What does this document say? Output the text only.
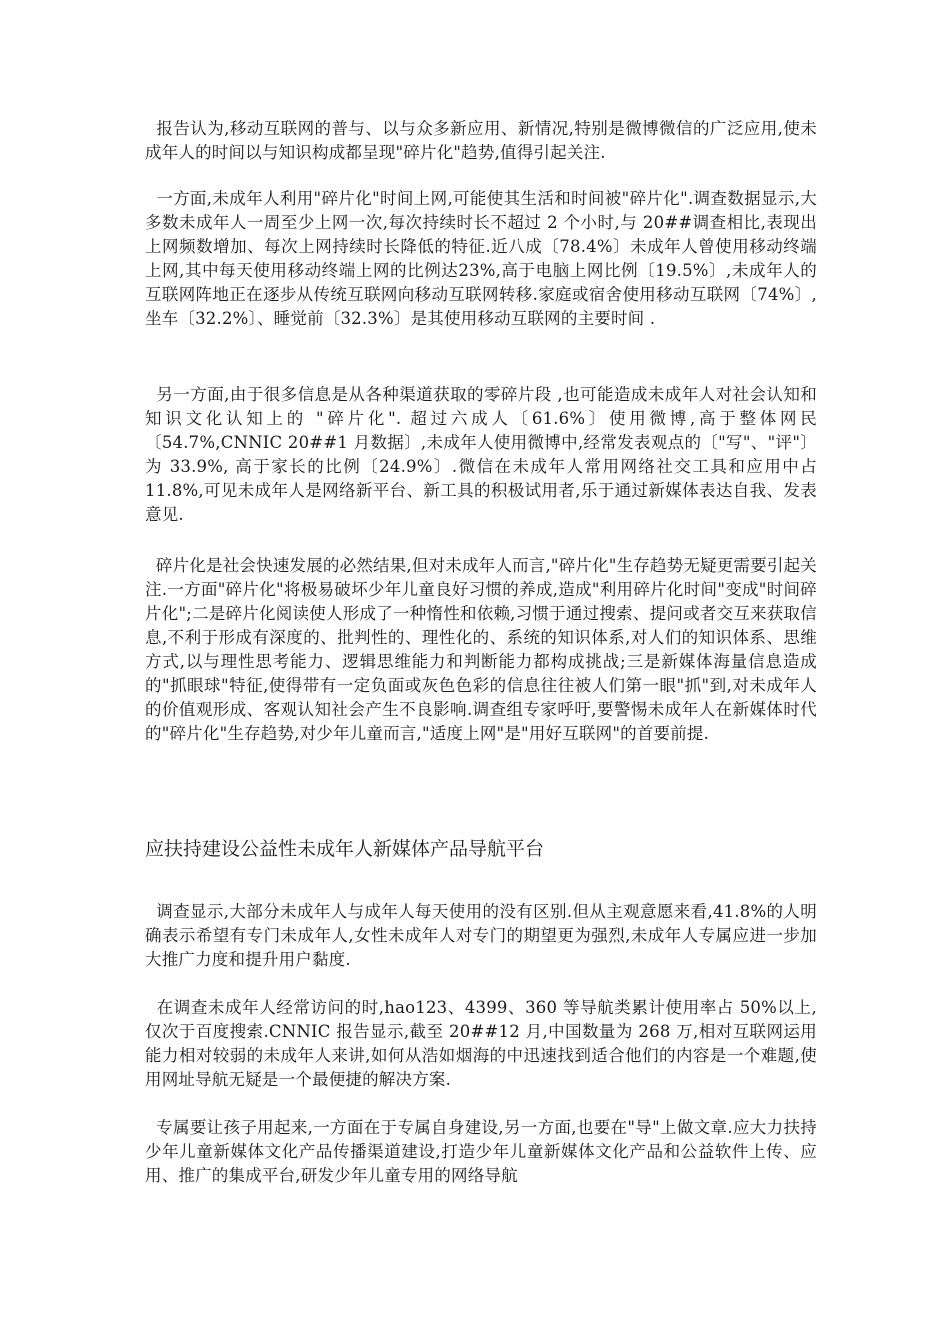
报告认为,移动互联网的普与、以与众多新应用、新情况,特别是微博微信的广泛应用,使未成年人的时间以与知识构成都呈现"碎片化"趋势,值得引起关注.

一方面,未成年人利用"碎片化"时间上网,可能使其生活和时间被"碎片化".调查数据显示,大多数未成年人一周至少上网一次,每次持续时长不超过 2 个小时,与 20##调查相比,表现出上网频数增加、每次上网持续时长降低的特征.近八成〔78.4%〕未成年人曾使用移动终端上网,其中每天使用移动终端上网的比例达23%,高于电脑上网比例〔19.5%〕,未成年人的互联网阵地正在逐步从传统互联网向移动互联网转移.家庭或宿舍使用移动互联网〔74%〕,坐车〔32.2%〕、睡觉前〔32.3%〕是其使用移动互联网的主要时间 .

另一方面,由于很多信息是从各种渠道获取的零碎片段 ,也可能造成未成年人对社会认知和知识文化认知上的 "碎片化". 超过六成人〔61.6%〕使用微博,高于整体网民〔54.7%,CNNIC 20##1 月数据〕,未成年人使用微博中,经常发表观点的〔"写"、"评"〕为 33.9%, 高于家长的比例〔24.9%〕.微信在未成年人常用网络社交工具和应用中占 11.8%,可见未成年人是网络新平台、新工具的积极试用者,乐于通过新媒体表达自我、发表意见.

碎片化是社会快速发展的必然结果,但对未成年人而言,"碎片化"生存趋势无疑更需要引起关注.一方面"碎片化"将极易破坏少年儿童良好习惯的养成,造成"利用碎片化时间"变成"时间碎片化";二是碎片化阅读使人形成了一种惰性和依赖,习惯于通过搜索、提问或者交互来获取信息,不利于形成有深度的、批判性的、理性化的、系统的知识体系,对人们的知识体系、思维方式,以与理性思考能力、逻辑思维能力和判断能力都构成挑战;三是新媒体海量信息造成的"抓眼球"特征,使得带有一定负面或灰色色彩的信息往往被人们第一眼"抓"到,对未成年人的价值观形成、客观认知社会产生不良影响.调查组专家呼吁,要警惕未成年人在新媒体时代的"碎片化"生存趋势,对少年儿童而言,"适度上网"是"用好互联网"的首要前提.

应扶持建设公益性未成年人新媒体产品导航平台

调查显示,大部分未成年人与成年人每天使用的没有区别.但从主观意愿来看,41.8%的人明确表示希望有专门未成年人,女性未成年人对专门的期望更为强烈,未成年人专属应进一步加大推广力度和提升用户黏度.

在调查未成年人经常访问的时,hao123、4399、360 等导航类累计使用率占 50%以上,仅次于百度搜索.CNNIC 报告显示,截至 20##12 月,中国数量为 268 万,相对互联网运用能力相对较弱的未成年人来讲,如何从浩如烟海的中迅速找到适合他们的内容是一个难题,使用网址导航无疑是一个最便捷的解决方案.

专属要让孩子用起来,一方面在于专属自身建设,另一方面,也要在"导"上做文章.应大力扶持少年儿童新媒体文化产品传播渠道建设,打造少年儿童新媒体文化产品和公益软件上传、应用、推广的集成平台,研发少年儿童专用的网络导航
